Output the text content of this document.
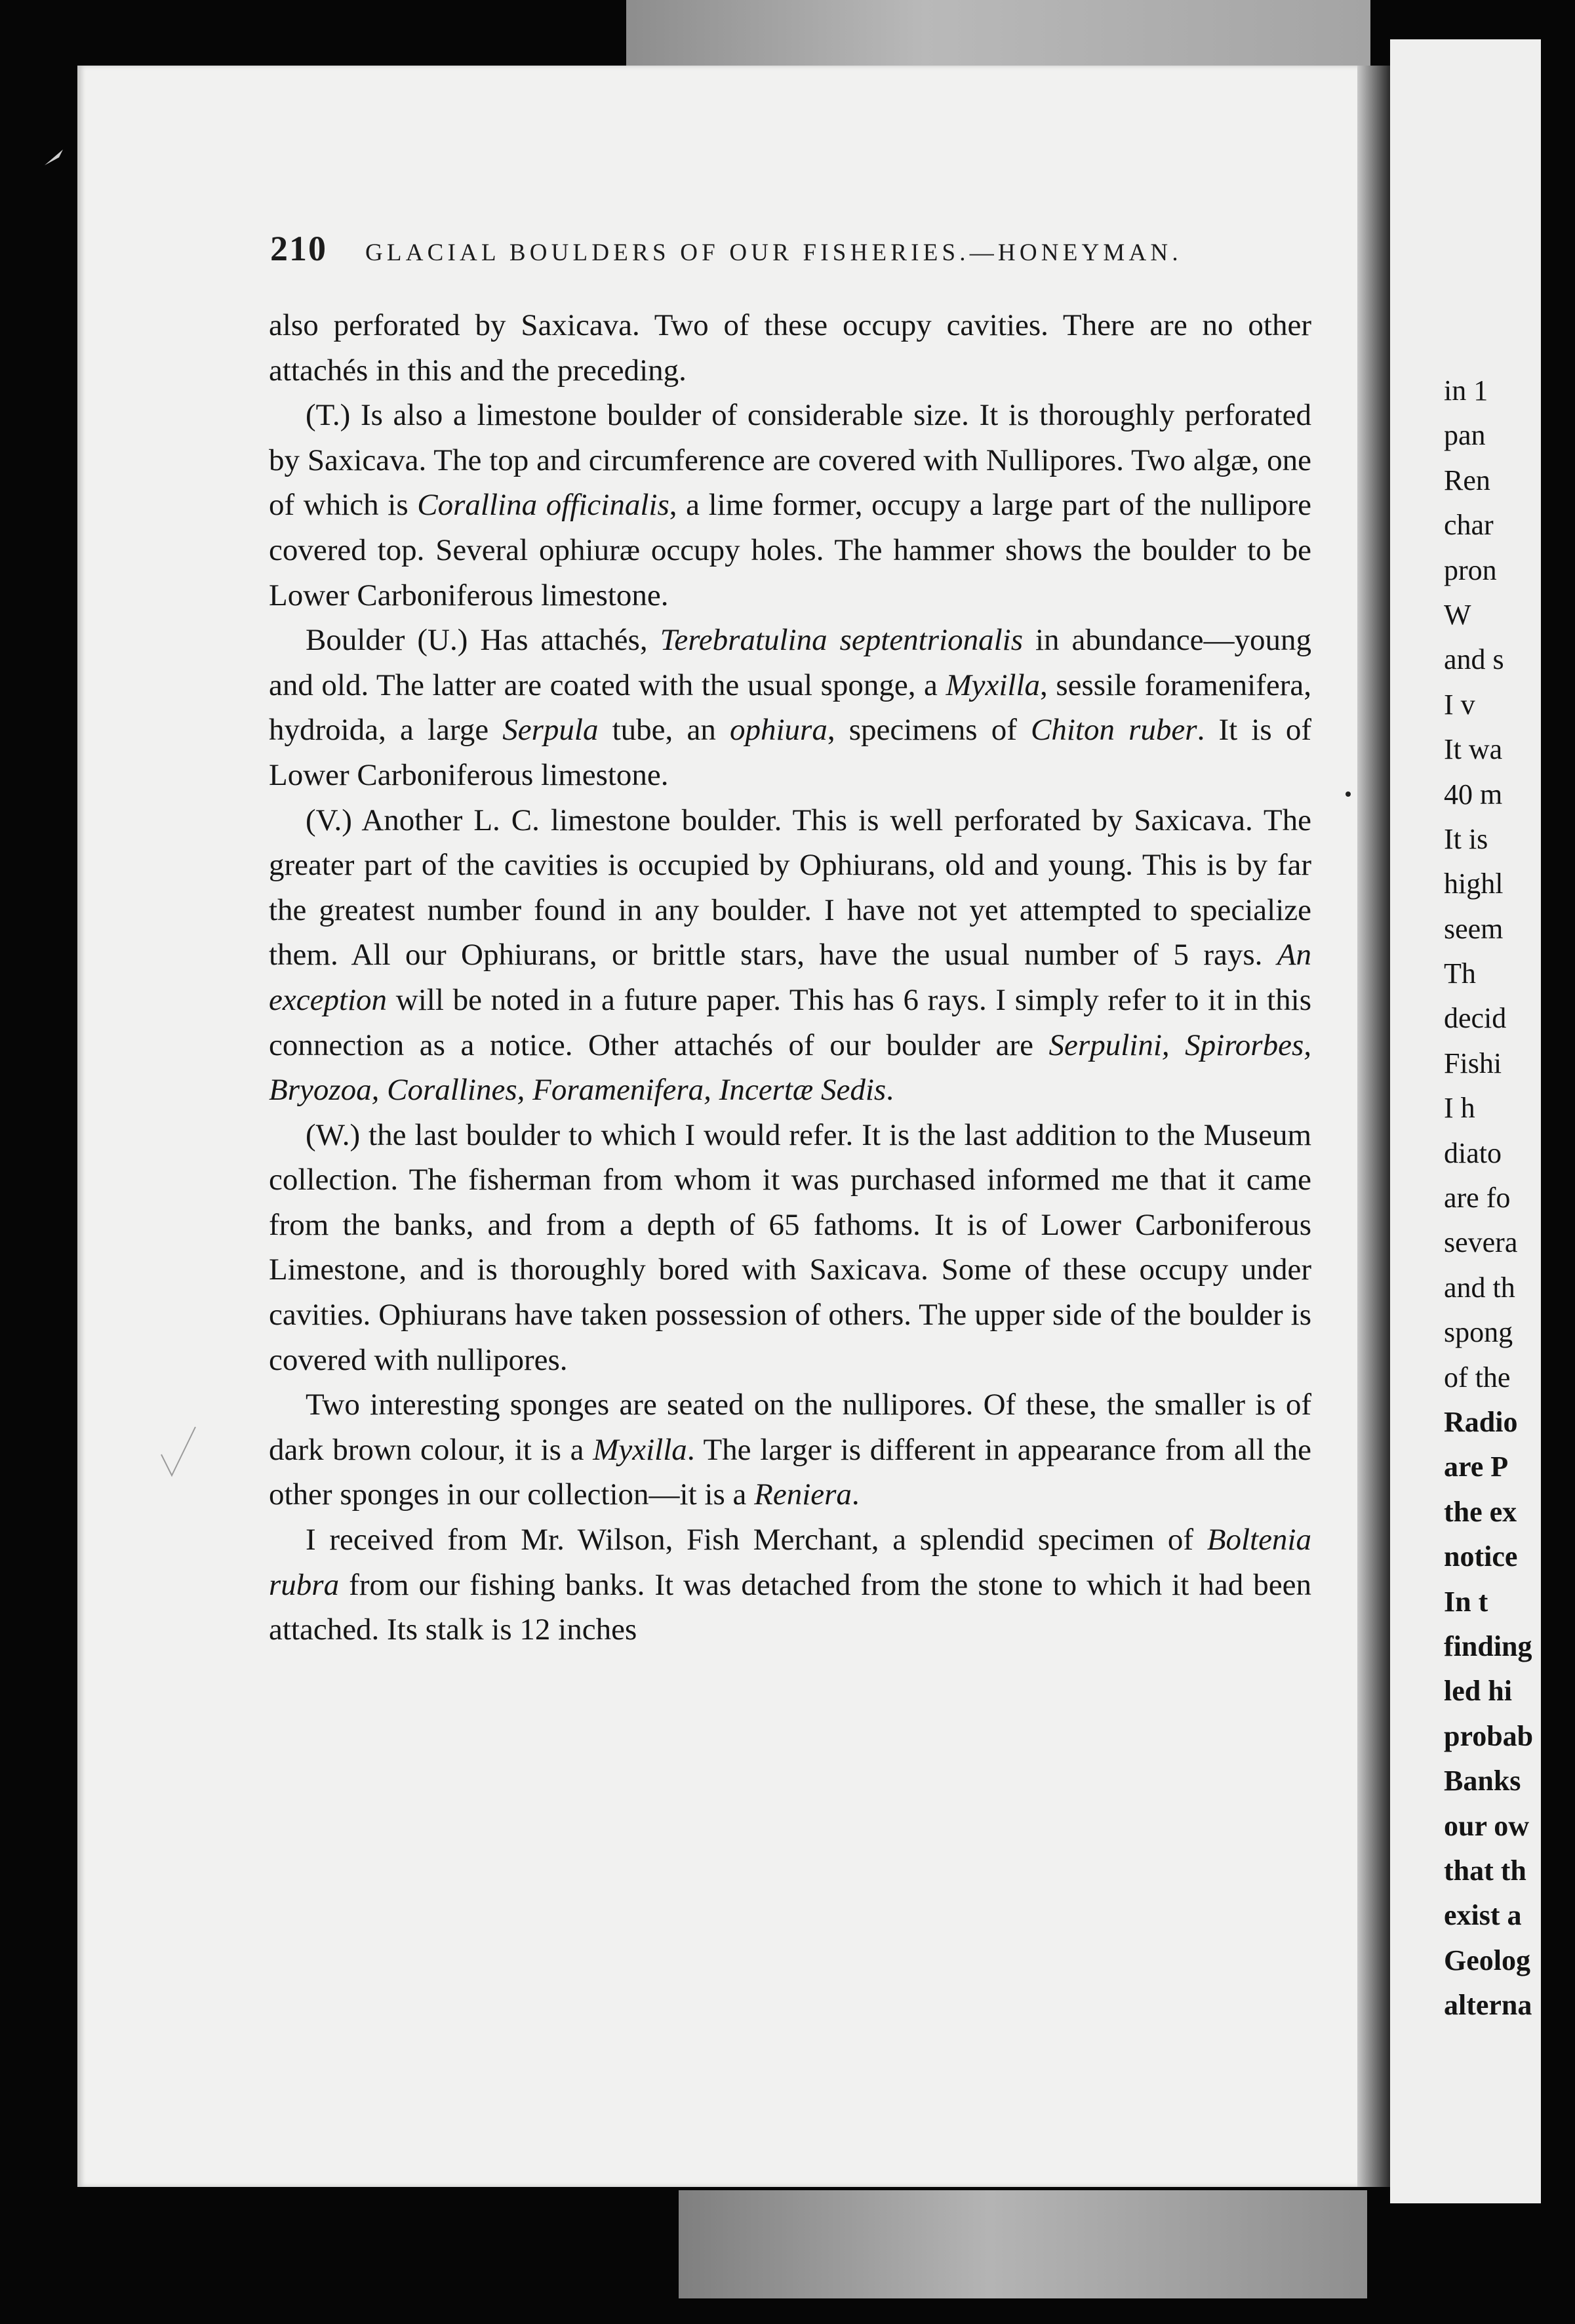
in 1
pan
Ren
char
pron
W
and s
I v
It wa
40 m
It is
highl
seem
Th
decid
Fishi
I h
diato
are fo
severa
and th
spong
of the
Radio
are P
the ex
notice
In t
finding
led hi
probab
Banks
our ow
that th
exist a
Geolog
alterna
210 GLACIAL BOULDERS OF OUR FISHERIES.—HONEYMAN.

also perforated by Saxicava. Two of these occupy cavities. There are no other attachés in this and the preceding.

(T.) Is also a limestone boulder of considerable size. It is thoroughly perforated by Saxicava. The top and circumference are covered with Nullipores. Two algæ, one of which is Corallina officinalis, a lime former, occupy a large part of the nullipore covered top. Several ophiuræ occupy holes. The hammer shows the boulder to be Lower Carboniferous limestone.

Boulder (U.) Has attachés, Terebratulina septentrionalis in abundance—young and old. The latter are coated with the usual sponge, a Myxilla, sessile foramenifera, hydroida, a large Serpula tube, an ophiura, specimens of Chiton ruber. It is of Lower Carboniferous limestone.

(V.) Another L. C. limestone boulder. This is well perforated by Saxicava. The greater part of the cavities is occupied by Ophiurans, old and young. This is by far the greatest number found in any boulder. I have not yet attempted to specialize them. All our Ophiurans, or brittle stars, have the usual number of 5 rays. An exception will be noted in a future paper. This has 6 rays. I simply refer to it in this connection as a notice. Other attachés of our boulder are Serpulini, Spirorbes, Bryozoa, Corallines, Foramenifera, Incertæ Sedis.

(W.) the last boulder to which I would refer. It is the last addition to the Museum collection. The fisherman from whom it was purchased informed me that it came from the banks, and from a depth of 65 fathoms. It is of Lower Carboniferous Limestone, and is thoroughly bored with Saxicava. Some of these occupy under cavities. Ophiurans have taken possession of others. The upper side of the boulder is covered with nullipores.

Two interesting sponges are seated on the nullipores. Of these, the smaller is of dark brown colour, it is a Myxilla. The larger is different in appearance from all the other sponges in our collection—it is a Reniera.

I received from Mr. Wilson, Fish Merchant, a splendid specimen of Boltenia rubra from our fishing banks. It was detached from the stone to which it had been attached. Its stalk is 12 inches
